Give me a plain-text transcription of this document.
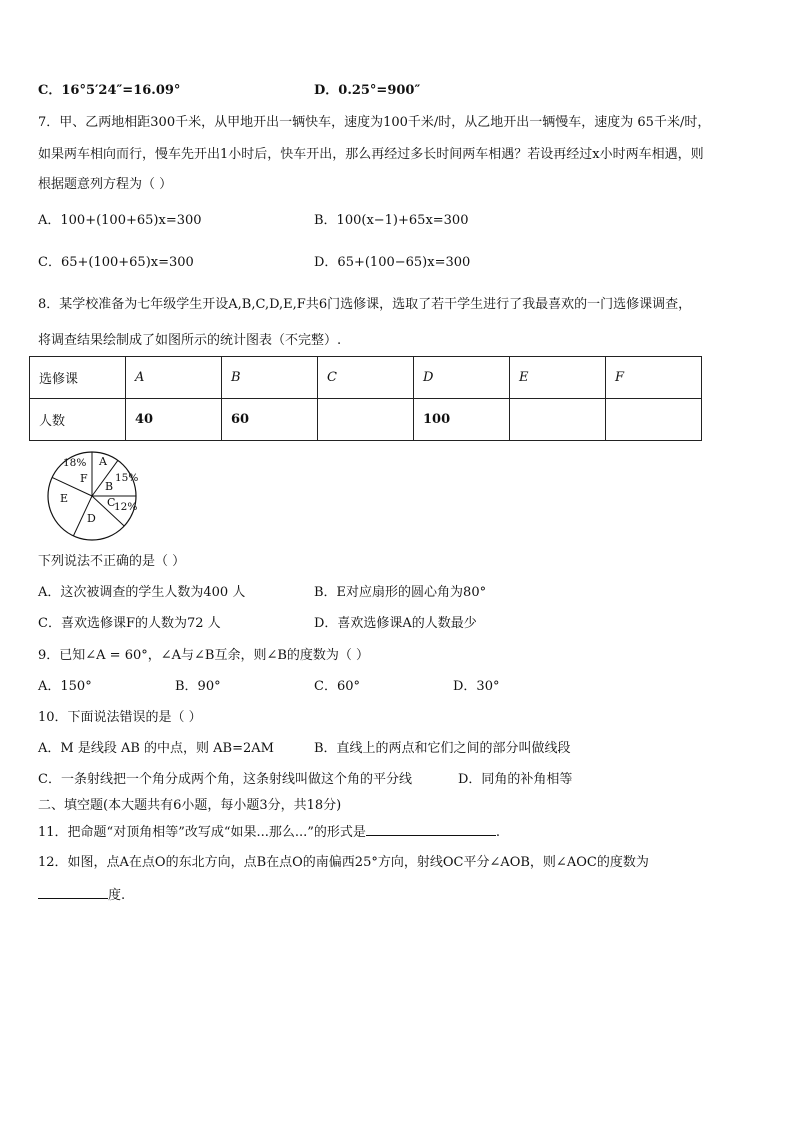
C．16°5′24″=16.09°	D．0.25°=900″
7．甲、乙两地相距300千米，从甲地开出一辆快车，速度为100千米/时，从乙地开出一辆慢车，速度为 65千米/时，
如果两车相向而行，慢车先开出1小时后，快车开出，那么再经过多长时间两车相遇？若设再经过x小时两车相遇，则
根据题意列方程为（ ）
A．100+(100+65)x=300	B．100(x−1)+65x=300
C．65+(100+65)x=300	D．65+(100−65)x=300
8．某学校准备为七年级学生开设A,B,C,D,E,F共6门选修课，选取了若干学生进行了我最喜欢的一门选修课调查，
将调查结果绘制成了如图所示的统计图表（不完整）.
选修课	A	B	C	D	E	F
人数	40	60		100		
A
B
C
D
E
F	15%
12%
18%
下列说法不正确的是（ ）
A．这次被调查的学生人数为400 人	B．E对应扇形的圆心角为80°
C．喜欢选修课F的人数为72 人	D．喜欢选修课A的人数最少
9．已知∠A = 60°，∠A与∠B互余，则∠B的度数为（ ）
A．150°	B．90°	C．60°	D．30°
10．下面说法错误的是（ ）
A．M 是线段 AB 的中点，则 AB=2AM	B．直线上的两点和它们之间的部分叫做线段
C．一条射线把一个角分成两个角，这条射线叫做这个角的平分线	D．同角的补角相等
二、填空题(本大题共有6小题，每小题3分，共18分)
11．把命题“对顶角相等”改写成“如果...那么...”的形式是	.
12．如图，点A在点O的东北方向，点B在点O的南偏西25°方向，射线OC平分∠AOB，则∠AOC的度数为
度.
